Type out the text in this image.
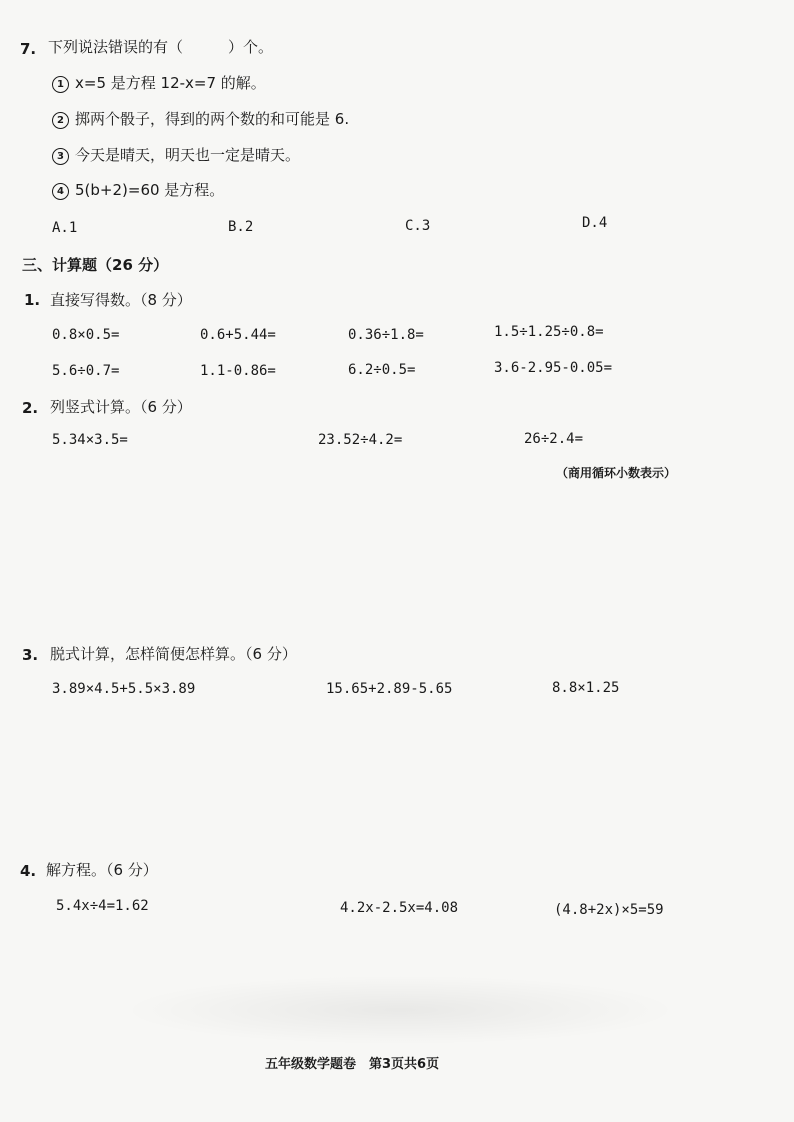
7. 下列说法错误的有（　　　）个。
1 x=5 是方程 12-x=7 的解。
2 掷两个骰子，得到的两个数的和可能是 6.
3 今天是晴天，明天也一定是晴天。
4 5(b+2)=60 是方程。
A.1	B.2	C.3	D.4
三、计算题（26 分）
1. 直接写得数。（8 分）
0.8×0.5=	0.6+5.44=	0.36÷1.8=	1.5÷1.25÷0.8=
5.6÷0.7=	1.1-0.86=	6.2÷0.5=	3.6-2.95-0.05=
2. 列竖式计算。（6 分）
5.34×3.5=	23.52÷4.2=	26÷2.4=
（商用循环小数表示）
3. 脱式计算，怎样简便怎样算。（6 分）
3.89×4.5+5.5×3.89	15.65+2.89-5.65	8.8×1.25
4. 解方程。（6 分）
5.4x÷4=1.62	4.2x-2.5x=4.08	(4.8+2x)×5=59
五年级数学题卷　第3页共6页
